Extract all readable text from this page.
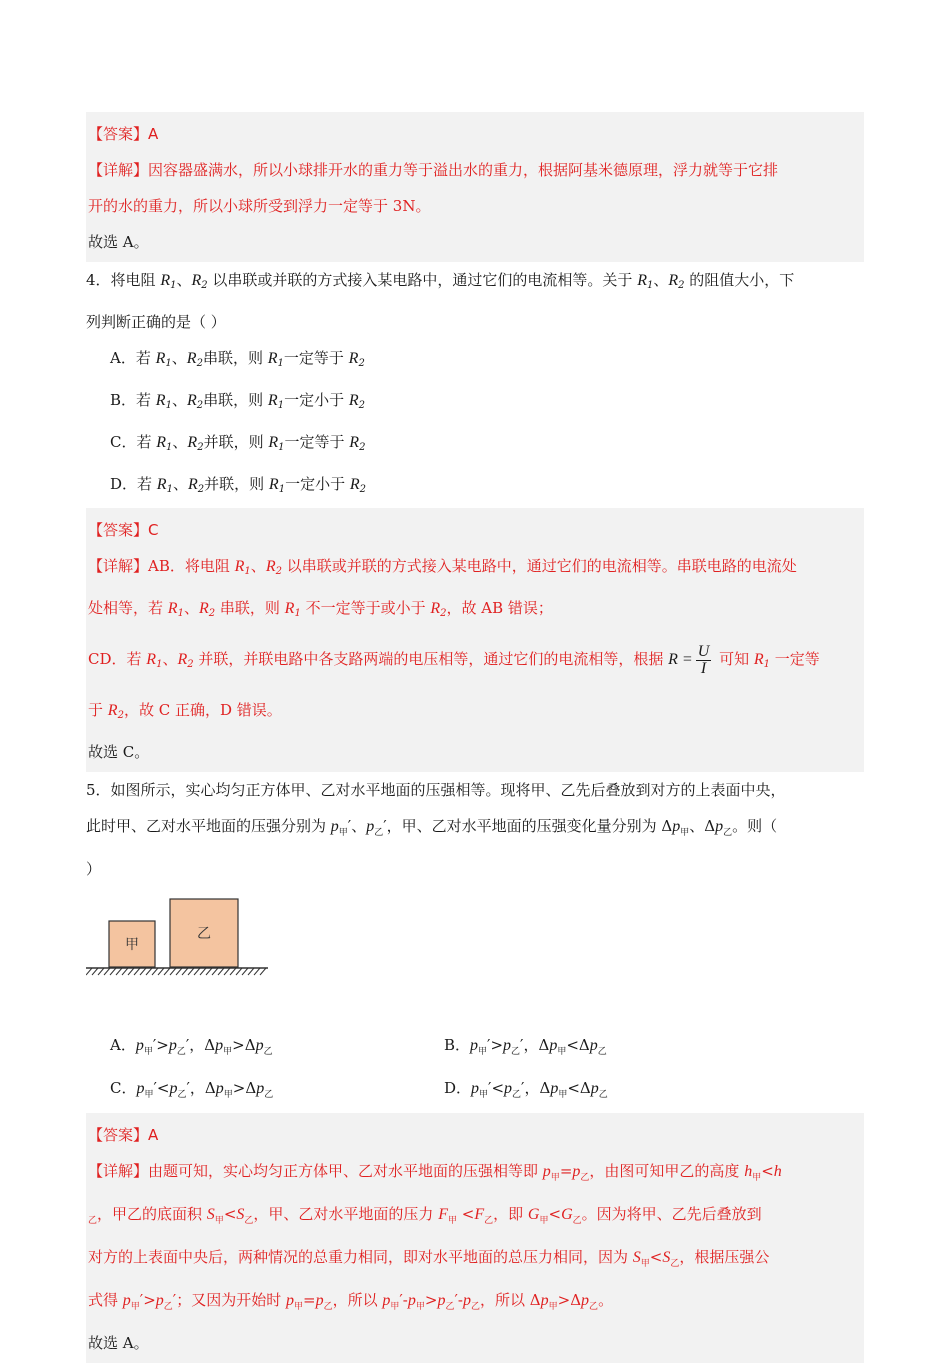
【答案】A
【详解】因容器盛满水，所以小球排开水的重力等于溢出水的重力，根据阿基米德原理，浮力就等于它排
开的水的重力，所以小球所受到浮力一定等于 3N。
故选 A。
4．将电阻 $R_1$、$R_2$ 以串联或并联的方式接入某电路中，通过它们的电流相等。关于 $R_1$、$R_2$ 的阻值大小，下
列判断正确的是（ ）
A．若 $R_1$、$R_2$串联，则 $R_1$一定等于 $R_2$
B．若 $R_1$、$R_2$串联，则 $R_1$一定小于 $R_2$
C．若 $R_1$、$R_2$并联，则 $R_1$一定等于 $R_2$
D．若 $R_1$、$R_2$并联，则 $R_1$一定小于 $R_2$
【答案】C
【详解】AB．将电阻 $R_1$、$R_2$ 以串联或并联的方式接入某电路中，通过它们的电流相等。串联电路的电流处
处相等，若 $R_1$、$R_2$ 串联，则 $R_1$ 不一定等于或小于 $R_2$，故 AB 错误；
CD．若 $R_1$、$R_2$ 并联，并联电路中各支路两端的电压相等，通过它们的电流相等，根据 $R = \frac{U}{I}$ 可知 $R_1$ 一定等
于 $R_2$，故 C 正确，D 错误。
故选 C。
5．如图所示，实心均匀正方体甲、乙对水平地面的压强相等。现将甲、乙先后叠放到对方的上表面中央，
此时甲、乙对水平地面的压强分别为 $p_甲'$、$p_乙'$，甲、乙对水平地面的压强变化量分别为 $\Delta p_甲$、$\Delta p_乙$。则（
）
甲
乙
A．$p_甲'>p_乙'$，$\Delta p_甲>\Delta p_乙$	B．$p_甲'>p_乙'$，$\Delta p_甲<\Delta p_乙$
C．$p_甲'<p_乙'$，$\Delta p_甲>\Delta p_乙$	D．$p_甲'<p_乙'$，$\Delta p_甲<\Delta p_乙$
【答案】A
【详解】由题可知，实心均匀正方体甲、乙对水平地面的压强相等即 $p_甲=p_乙$，由图可知甲乙的高度 $h_甲<h$
$_乙$，甲乙的底面积 $S_甲<S_乙$，甲、乙对水平地面的压力 $F_甲 <F_乙$，即 $G_甲<G_乙$。因为将甲、乙先后叠放到
对方的上表面中央后，两种情况的总重力相同，即对水平地面的总压力相同，因为 $S_甲<S_乙$，根据压强公
式得 $p_甲'>p_乙'$；又因为开始时 $p_甲=p_乙$，所以 $p_甲'-p_甲>p_乙'-p_乙$，所以 $\Delta p_甲>\Delta p_乙$。
故选 A。
